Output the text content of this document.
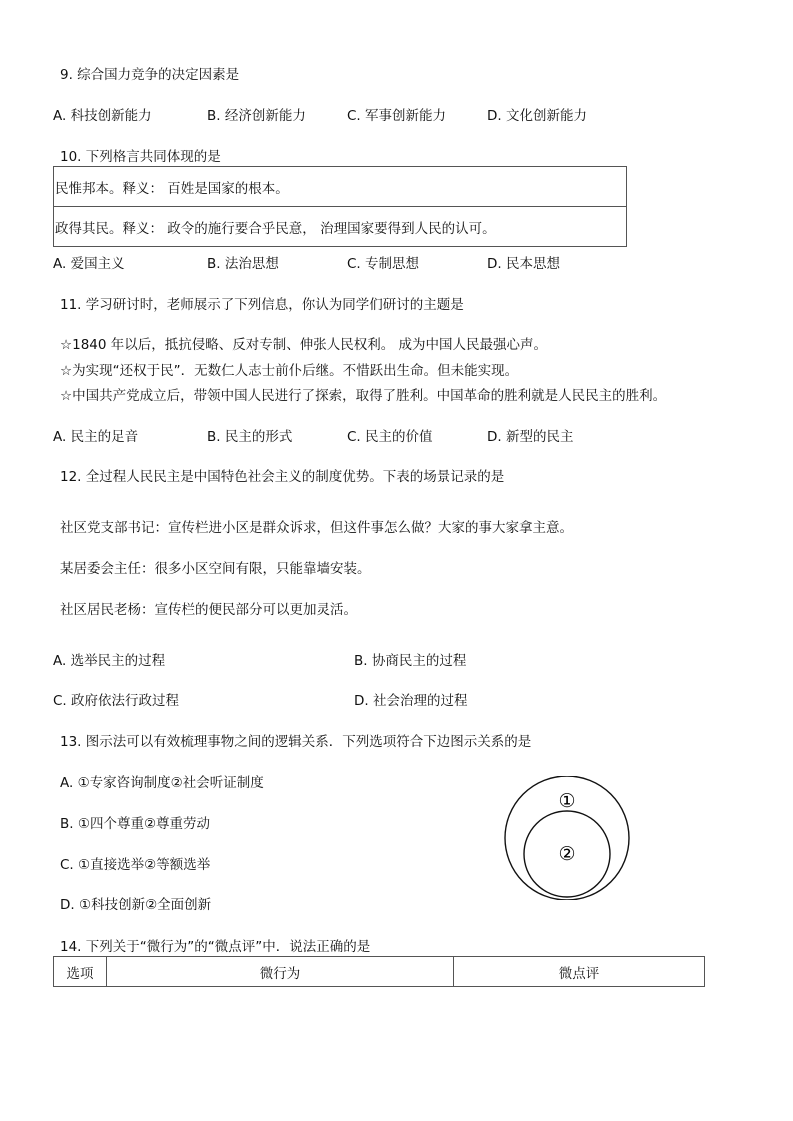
9. 综合国力竞争的决定因素是
A. 科技创新能力	B. 经济创新能力	C. 军事创新能力	D. 文化创新能力
10. 下列格言共同体现的是
民惟邦本。释义： 百姓是国家的根本。
政得其民。释义： 政令的施行要合乎民意， 治理国家要得到人民的认可。
A. 爱国主义	B. 法治思想	C. 专制思想	D. 民本思想
11. 学习研讨时，老师展示了下列信息，你认为同学们研讨的主题是
☆1840 年以后，抵抗侵略、反对专制、伸张人民权利。 成为中国人民最强心声。
☆为实现“还权于民”．无数仁人志士前仆后继。不惜跃出生命。但未能实现。
☆中国共产党成立后，带领中国人民进行了探索，取得了胜利。中国革命的胜利就是人民民主的胜利。
A. 民主的足音	B. 民主的形式	C. 民主的价值	D. 新型的民主
12. 全过程人民民主是中国特色社会主义的制度优势。下表的场景记录的是
社区党支部书记：宣传栏进小区是群众诉求，但这件事怎么做？大家的事大家拿主意。
某居委会主任：很多小区空间有限，只能靠墙安装。
社区居民老杨：宣传栏的便民部分可以更加灵活。
A. 选举民主的过程	B. 协商民主的过程
C. 政府依法行政过程	D. 社会治理的过程
13. 图示法可以有效梳理事物之间的逻辑关系．下列选项符合下边图示关系的是
A. ①专家咨询制度②社会听证制度
B. ①四个尊重②尊重劳动
C. ①直接选举②等额选举
D. ①科技创新②全面创新
①
②
14. 下列关于“微行为”的“微点评”中．说法正确的是
选项	微行为	微点评
